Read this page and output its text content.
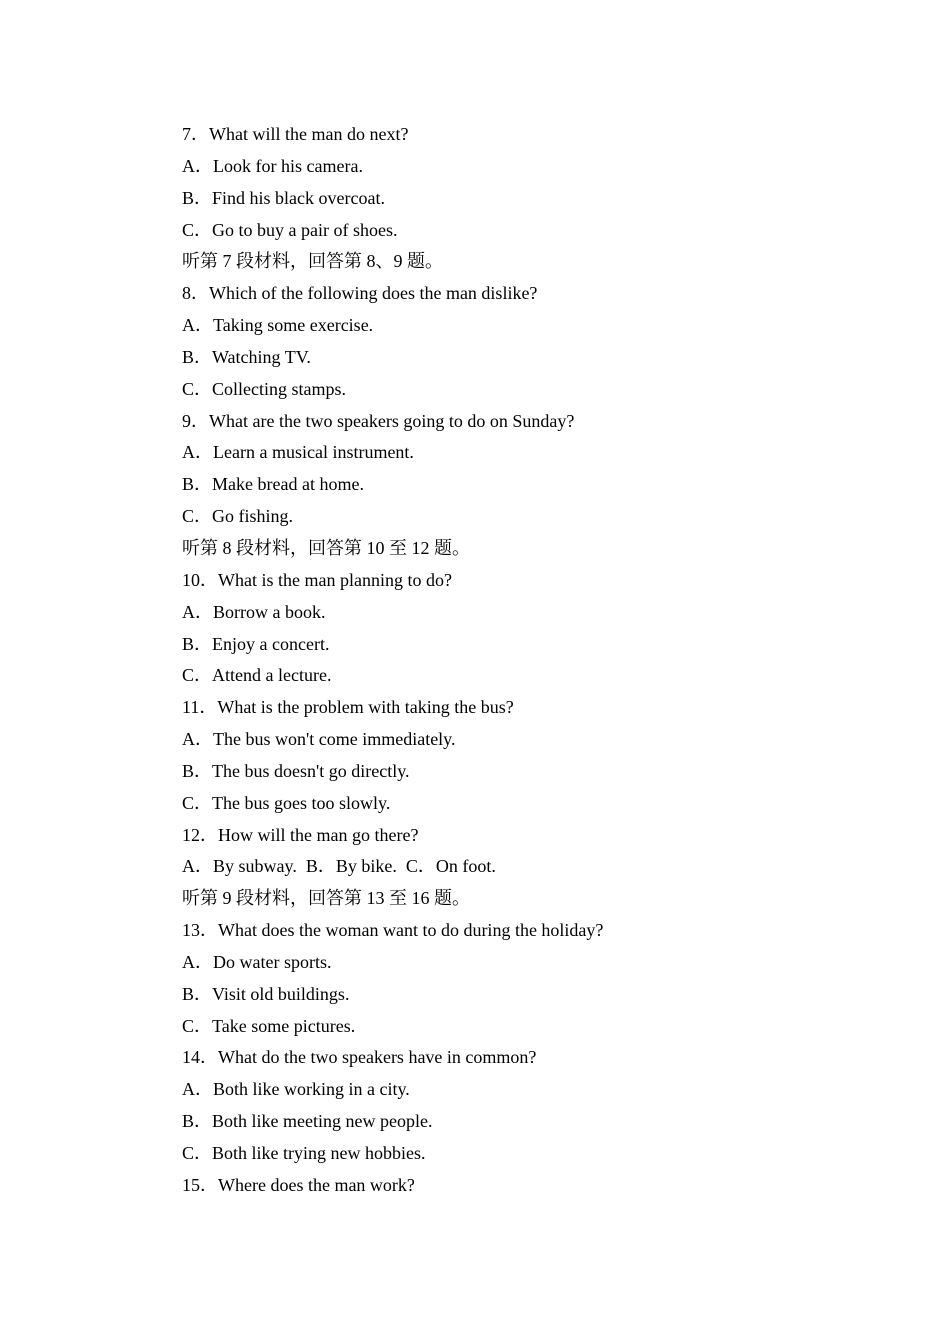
7．What will the man do next?
A．Look for his camera.
B．Find his black overcoat.
C．Go to buy a pair of shoes.
听第 7 段材料，回答第 8、9 题。
8．Which of the following does the man dislike?
A．Taking some exercise.
B．Watching TV.
C．Collecting stamps.
9．What are the two speakers going to do on Sunday?
A．Learn a musical instrument.
B．Make bread at home.
C．Go fishing.
听第 8 段材料，回答第 10 至 12 题。
10．What is the man planning to do?
A．Borrow a book.
B．Enjoy a concert.
C．Attend a lecture.
11．What is the problem with taking the bus?
A．The bus won't come immediately.
B．The bus doesn't go directly.
C．The bus goes too slowly.
12．How will the man go there?
A．By subway.  B．By bike.  C．On foot.
听第 9 段材料，回答第 13 至 16 题。
13．What does the woman want to do during the holiday?
A．Do water sports.
B．Visit old buildings.
C．Take some pictures.
14．What do the two speakers have in common?
A．Both like working in a city.
B．Both like meeting new people.
C．Both like trying new hobbies.
15．Where does the man work?
